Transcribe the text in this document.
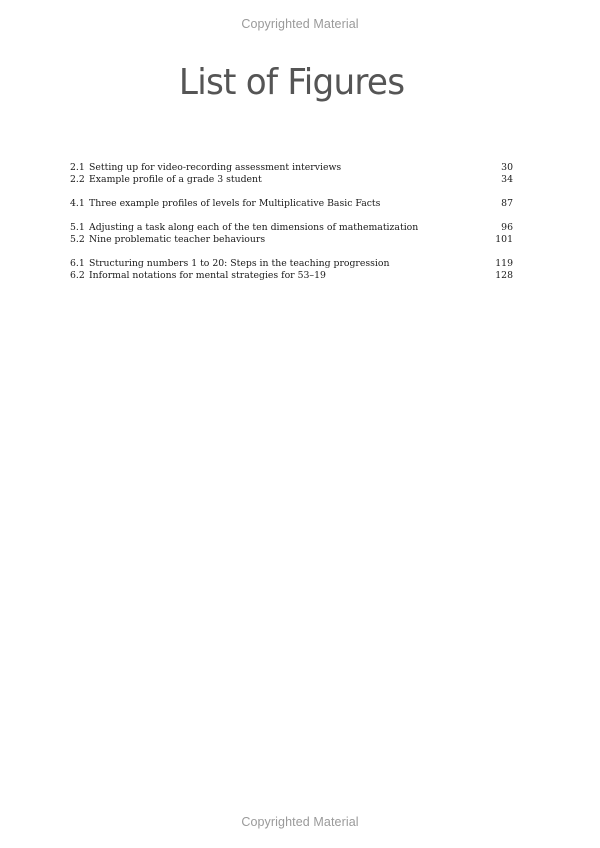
Copyrighted Material
List of Figures
2.1 Setting up for video-recording assessment interviews	30
2.2 Example profile of a grade 3 student	34
4.1 Three example profiles of levels for Multiplicative Basic Facts	87
5.1 Adjusting a task along each of the ten dimensions of mathematization	96
5.2 Nine problematic teacher behaviours	101
6.1 Structuring numbers 1 to 20: Steps in the teaching progression	119
6.2 Informal notations for mental strategies for 53–19	128
Copyrighted Material
